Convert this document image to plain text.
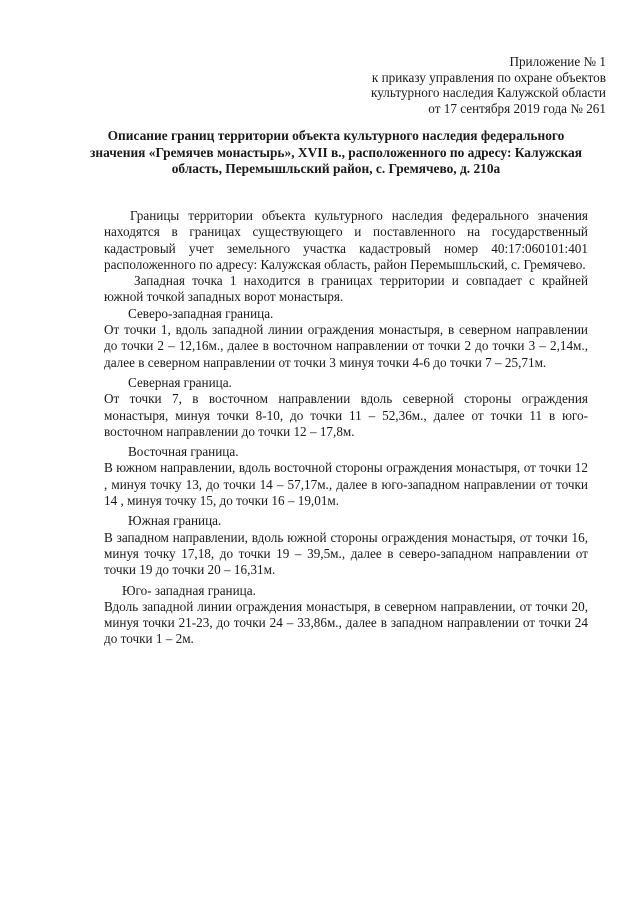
Приложение № 1
к приказу управления по охране объектов
культурного наследия Калужской области
от 17 сентября 2019 года № 261
Описание границ территории объекта культурного наследия федерального значения «Гремячев монастырь», XVII в., расположенного по адресу: Калужская область, Перемышльский район, с. Гремячево, д. 210а

Границы территории объекта культурного наследия федерального значения находятся в границах существующего и поставленного на государственный кадастровый учет земельного участка кадастровый номер 40:17:060101:401 расположенного по адресу: Калужская область, район Перемышльский, с. Гремячево.

Западная точка 1 находится в границах территории и совпадает с крайней южной точкой западных ворот монастыря.

Северо-западная граница.

От точки 1, вдоль западной линии ограждения монастыря, в северном направлении до точки 2 – 12,16м., далее в восточном направлении от точки 2 до точки 3 – 2,14м., далее в северном направлении от точки 3 минуя точки 4-6 до точки 7 – 25,71м.

Северная граница.

От точки 7, в восточном направлении вдоль северной стороны ограждения монастыря, минуя точки 8-10, до точки 11 – 52,36м., далее от точки 11 в юго-восточном направлении до точки 12 – 17,8м.

Восточная граница.

В южном направлении, вдоль восточной стороны ограждения монастыря, от точки 12 , минуя точку 13, до точки 14 – 57,17м., далее в юго-западном направлении от точки 14 , минуя точку 15, до точки 16 – 19,01м.

Южная граница.

В западном направлении, вдоль южной стороны ограждения монастыря, от точки 16, минуя точку 17,18, до точки 19 – 39,5м., далее в северо-западном направлении от точки 19 до точки 20 – 16,31м.

Юго- западная граница.

Вдоль западной линии ограждения монастыря, в северном направлении, от точки 20, минуя точки 21-23, до точки 24 – 33,86м., далее в западном направлении от точки 24 до точки 1 – 2м.
